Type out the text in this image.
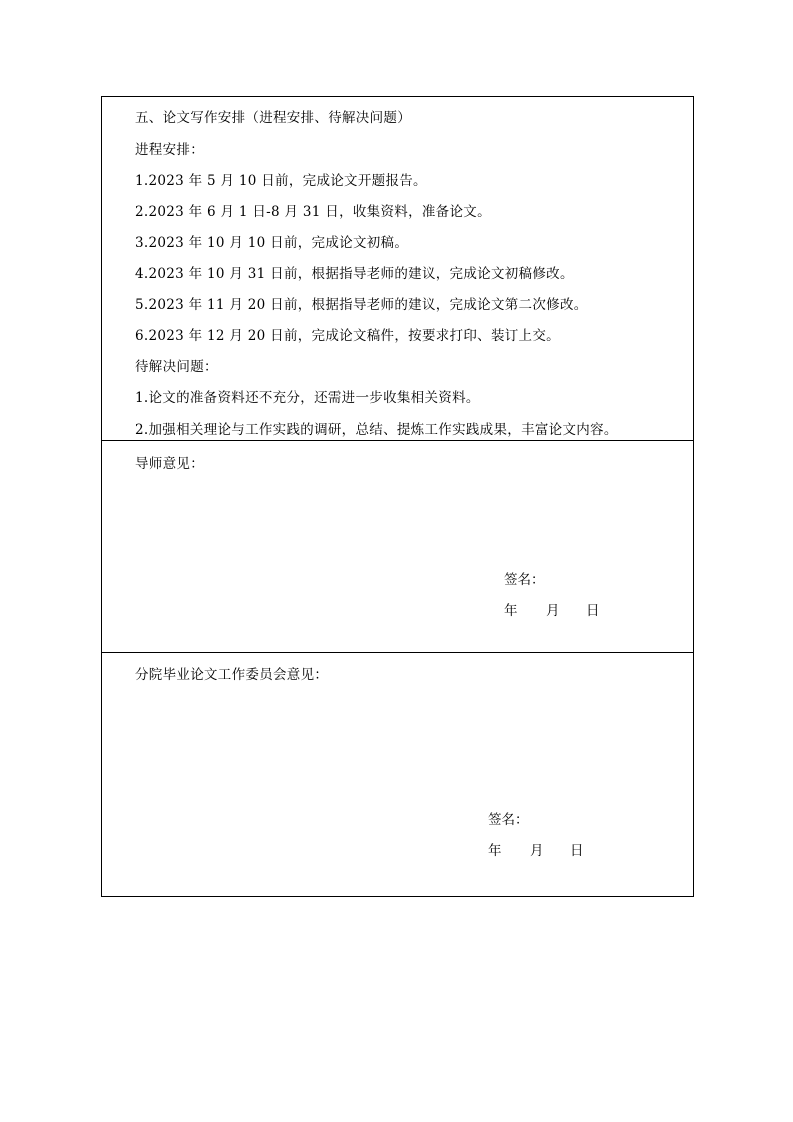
五、论文写作安排（进程安排、待解决问题）
进程安排：
1.2023 年 5 月 10 日前，完成论文开题报告。
2.2023 年 6 月 1 日-8 月 31 日，收集资料，准备论文。
3.2023 年 10 月 10 日前，完成论文初稿。
4.2023 年 10 月 31 日前，根据指导老师的建议，完成论文初稿修改。
5.2023 年 11 月 20 日前，根据指导老师的建议，完成论文第二次修改。
6.2023 年 12 月 20 日前，完成论文稿件，按要求打印、装订上交。
待解决问题：
1.论文的准备资料还不充分，还需进一步收集相关资料。
2.加强相关理论与工作实践的调研，总结、提炼工作实践成果，丰富论文内容。
导师意见：
签名：
年 月 日
分院毕业论文工作委员会意见：
签名：
年 月 日
